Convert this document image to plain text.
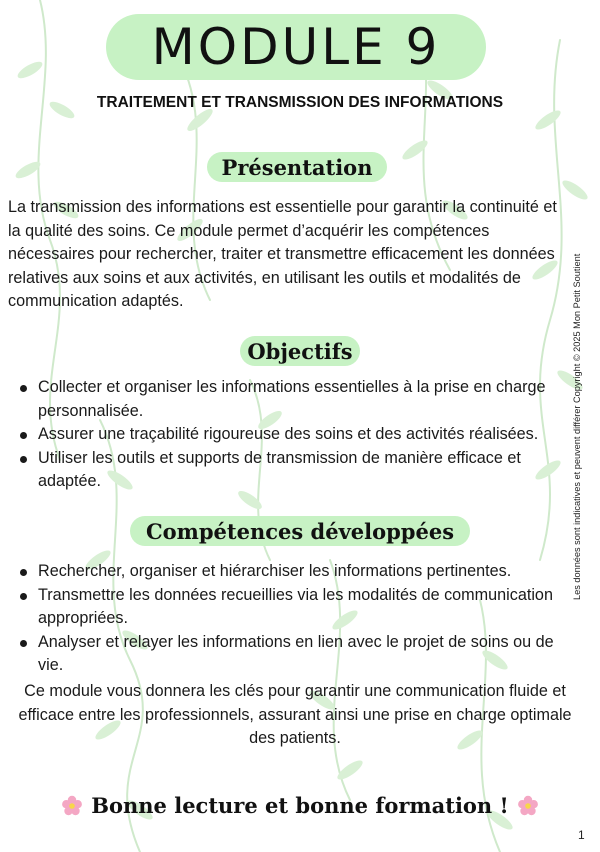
MODULE 9
TRAITEMENT ET TRANSMISSION DES INFORMATIONS
Présentation

La transmission des informations est essentielle pour garantir la continuité et la qualité des soins. Ce module permet d’acquérir les compétences nécessaires pour rechercher, traiter et transmettre efficacement les données relatives aux soins et aux activités, en utilisant les outils et modalités de communication adaptés.

Objectifs
Collecter et organiser les informations essentielles à la prise en charge personnalisée.
Assurer une traçabilité rigoureuse des soins et des activités réalisées.
Utiliser les outils et supports de transmission de manière efficace et adaptée.
Compétences développées
Rechercher, organiser et hiérarchiser les informations pertinentes.
Transmettre les données recueillies via les modalités de communication appropriées.
Analyser et relayer les informations en lien avec le projet de soins ou de vie.

Ce module vous donnera les clés pour garantir une communication fluide et efficace entre les professionnels, assurant ainsi une prise en charge optimale des patients.

Bonne lecture et bonne formation !
Les données sont indicatives et peuvent différer Copyright © 2025 Mon Petit Soutient
1
